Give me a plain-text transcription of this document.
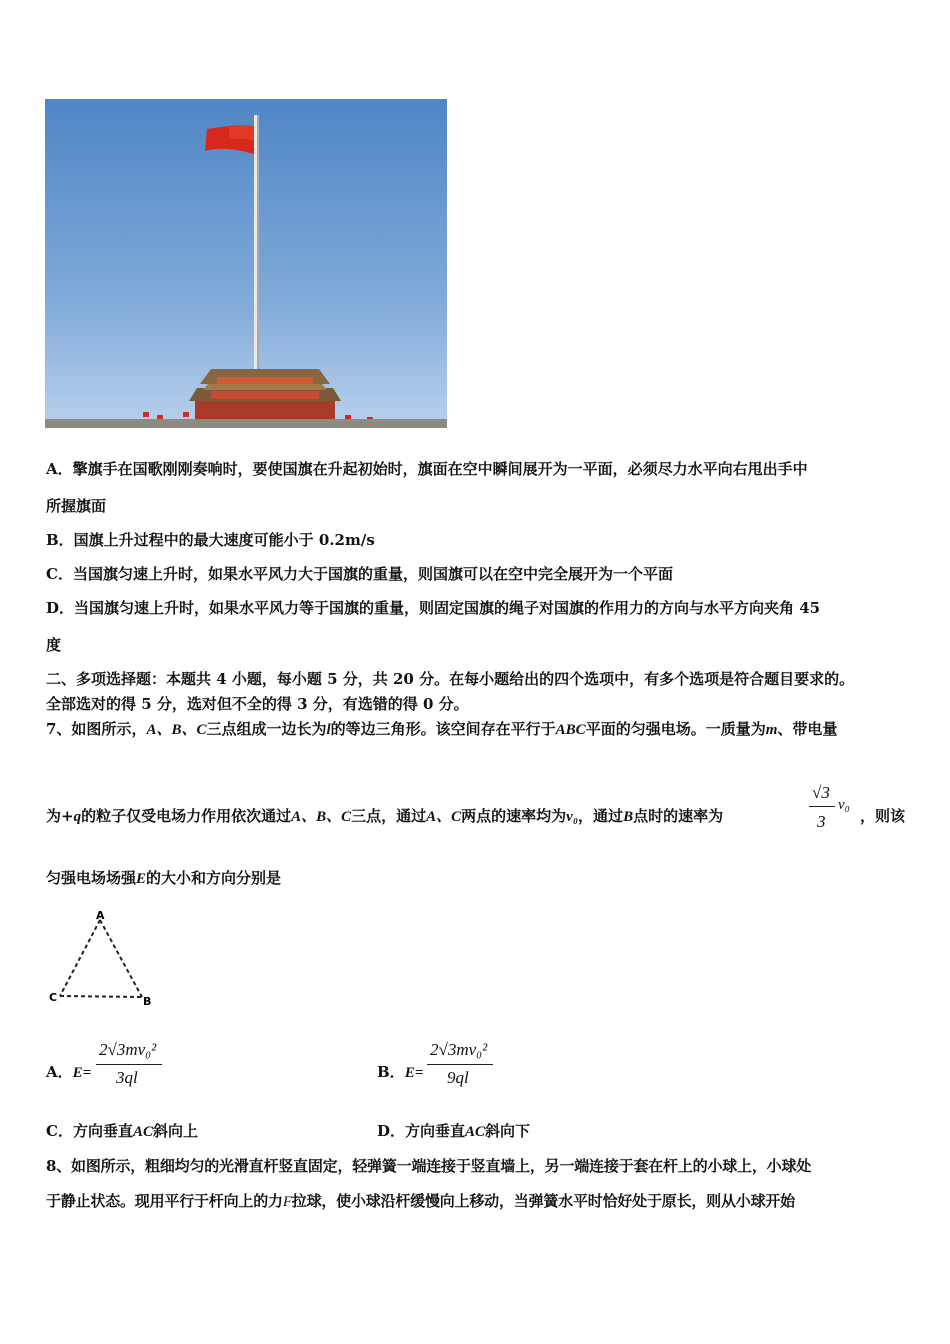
A．擎旗手在国歌刚刚奏响时，要使国旗在升起初始时，旗面在空中瞬间展开为一平面，必须尽力水平向右甩出手中
所握旗面
B．国旗上升过程中的最大速度可能小于 0.2m/s
C．当国旗匀速上升时，如果水平风力大于国旗的重量，则国旗可以在空中完全展开为一个平面
D．当国旗匀速上升时，如果水平风力等于国旗的重量，则固定国旗的绳子对国旗的作用力的方向与水平方向夹角 45
度
二、多项选择题：本题共 4 小题，每小题 5 分，共 20 分。在每小题给出的四个选项中，有多个选项是符合题目要求的。
全部选对的得 5 分，选对但不全的得 3 分，有选错的得 0 分。
7、如图所示，A、B、C三点组成一边长为l的等边三角形。该空间存在平行于ABC平面的匀强电场。一质量为m、带电量
为+q的粒子仅受电场力作用依次通过A、B、C三点，通过A、C两点的速率均为v₀，通过B点时的速率为
√3
3
v₀
，则该
匀强电场场强E的大小和方向分别是
A
C	B
A．E=
2√3mv₀²
3ql	B．E=
2√3mv₀²
9ql
C．方向垂直AC斜向上	D．方向垂直AC斜向下
8、如图所示，粗细均匀的光滑直杆竖直固定，轻弹簧一端连接于竖直墙上，另一端连接于套在杆上的小球上，小球处
于静止状态。现用平行于杆向上的力F拉球，使小球沿杆缓慢向上移动，当弹簧水平时恰好处于原长，则从小球开始
